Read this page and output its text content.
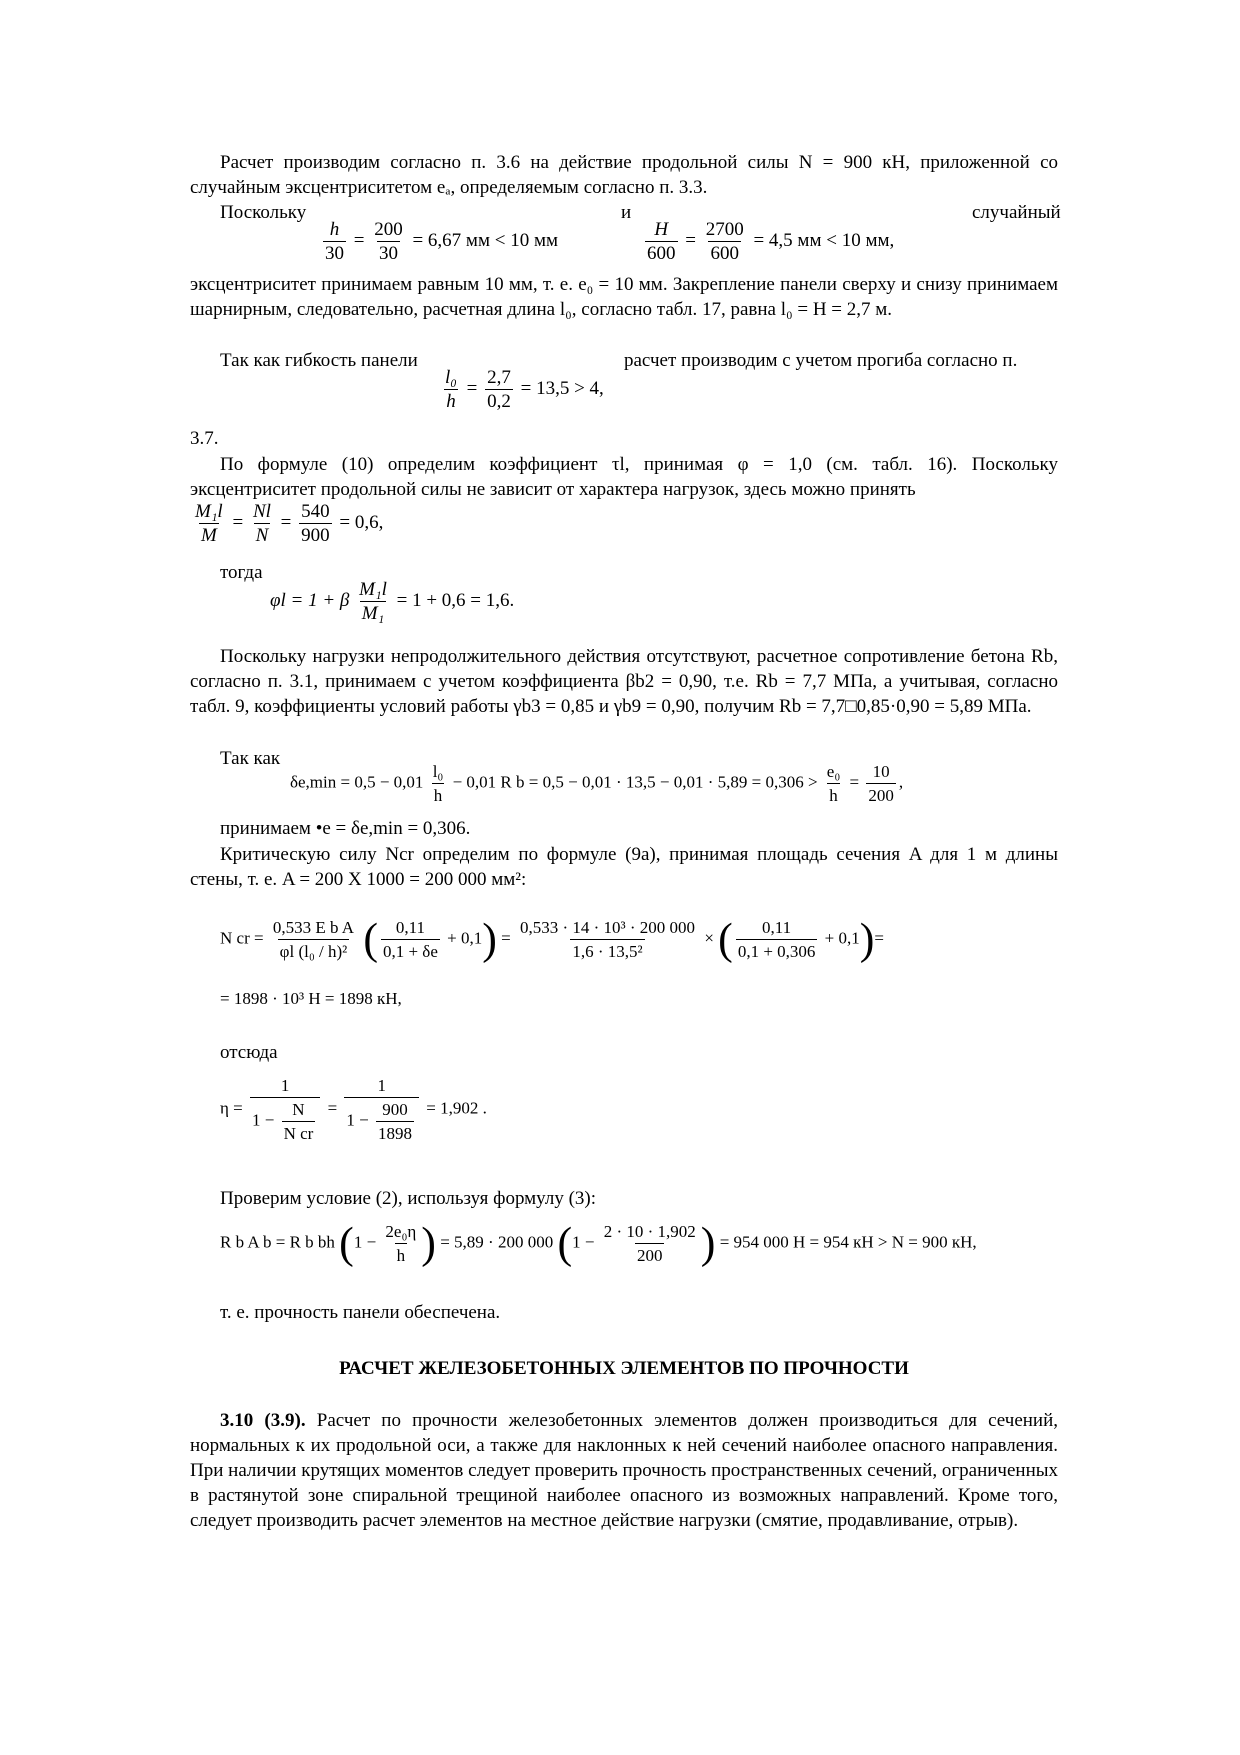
Расчет производим согласно п. 3.6 на действие продольной силы N = 900 кН, приложенной со случайным эксцентриситетом eₐ, определяемым согласно п. 3.3.

Поскольку	и	случайный
$\frac{h}{30} = \frac{200}{30} = 6,67$ мм < 10 мм	$\frac{H}{600} = \frac{2700}{600} = 4,5$ мм < 10 мм,

эксцентриситет принимаем равным 10 мм, т. е. e₀ = 10 мм. Закрепление панели сверху и снизу принимаем шарнирным, следовательно, расчетная длина l₀, согласно табл. 17, равна l₀ = H = 2,7 м.

Так как гибкость панели	расчет производим с учетом прогиба согласно п.
$\frac{\text{l₀}}{h} = \frac{2,7}{0,2} = 13,5 > 4$,
3.7.

По формуле (10) определим коэффициент τl, принимая φ = 1,0 (см. табл. 16). Поскольку эксцентриситет продольной силы не зависит от характера нагрузок, здесь можно принять

$\frac{\text{M₁l}}{M} = \frac{Nl}{N} = \frac{540}{900} = 0,6$,
тогда
φl = 1 + β $\frac{\text{M₁l}}{\text{M₁}} = 1 + 0,6 = 1,6$.

Поскольку нагрузки непродолжительного действия отсутствуют, расчетное сопротивление бетона Rb, согласно п. 3.1, принимаем с учетом коэффициента βb2 = 0,90, т.е. Rb = 7,7 МПа, а учитывая, согласно табл. 9, коэффициенты условий работы γb3 = 0,85 и γb9 = 0,90, получим Rb = 7,7□0,85·0,90 = 5,89 МПа.

Так как
$\delta e,\min = 0,5 - 0,01 \frac{\text{l₀}}{h} - 0,01$ R $b = 0,5 - 0,01 \cdot 13,5 - 0,01 \cdot 5,89 = 0,306 > \frac{\text{e₀}}{h} = \frac{10}{200}$ ,
принимаем •e = δe,min = 0,306.

Критическую силу Ncr определим по формуле (9а), принимая площадь сечения A для 1 м длины стены, т. е. A = 200 X 1000 = 200 000 мм²:

N cr = $\frac{\text{0,533 E b A}}{\text{φl (l₀ / h)²}}$ ( $\frac{0,11}{0,1 + \delta e} + 0,1) = \frac{\text{0,533 · 14 · 10³ · 200 000}}{\text{1,6 · 13,5²}}$ × ( $\frac{0,11}{0,1 + 0,306} + 0,1)=$
= 1898 · 10³ Н = 1898 кН,
отсюда
$\eta = \frac{1}{1 - \frac{N}{\text{N cr}}} = \frac{1}{1 - \frac{900}{1898}} = 1,902$ .
Проверим условие (2), используя формулу (3):
R b A b = R b bh ($1 - \frac{\text{2e₀η}}{h}$ ) = 5,89 · 200 000 ($1 - \frac{2 \cdot 10 \cdot 1,902}{200}$ ) = 954 000 Н = 954 кН > N = 900 кН,
т. е. прочность панели обеспечена.
РАСЧЕТ ЖЕЛЕЗОБЕТОННЫХ ЭЛЕМЕНТОВ ПО ПРОЧНОСТИ

3.10 (3.9). Расчет по прочности железобетонных элементов должен производиться для сечений, нормальных к их продольной оси, а также для наклонных к ней сечений наиболее опасного направления. При наличии крутящих моментов следует проверить прочность пространственных сечений, ограниченных в растянутой зоне спиральной трещиной наиболее опасного из возможных направлений. Кроме того, следует производить расчет элементов на местное действие нагрузки (смятие, продавливание, отрыв).
